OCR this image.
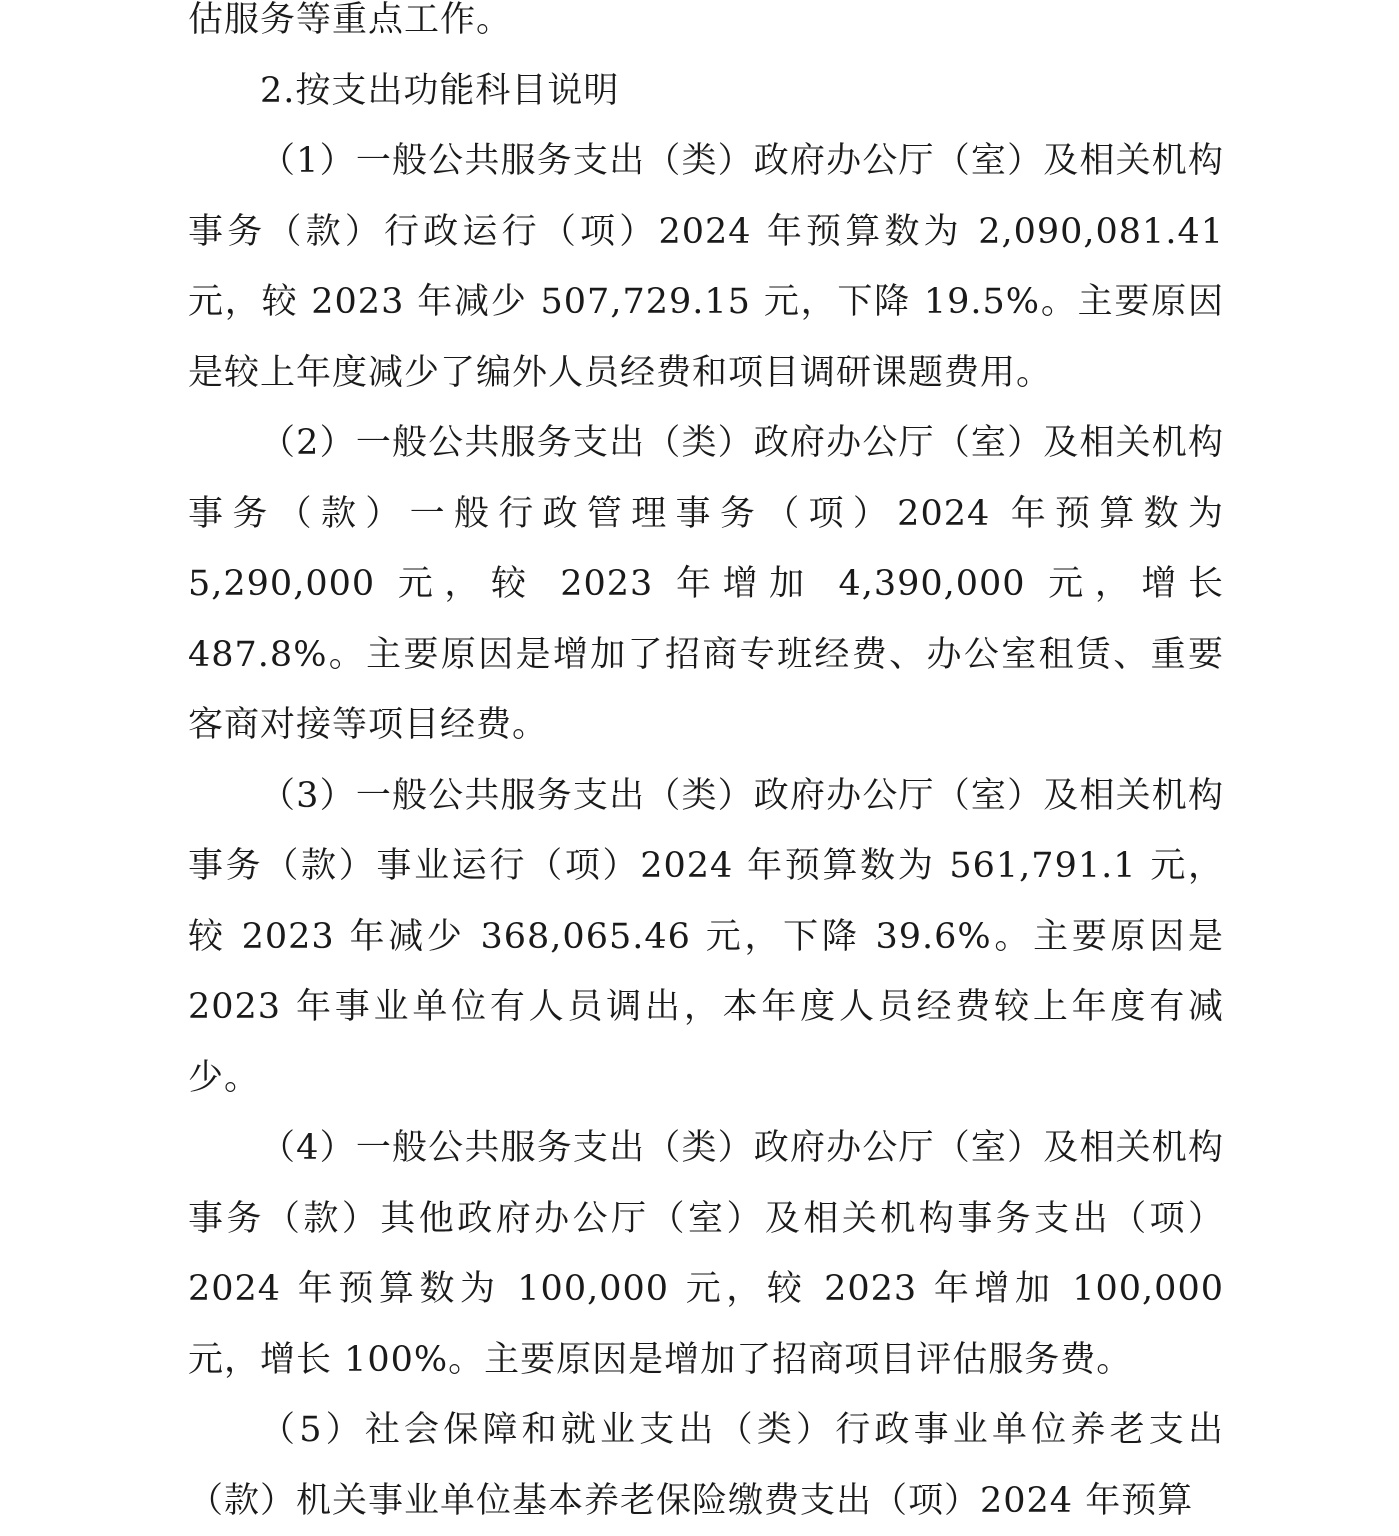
估服务等重点工作。

2.按支出功能科目说明

（1）一般公共服务支出（类）政府办公厅（室）及相关机构事务（款）行政运行（项）2024 年预算数为 2,090,081.41 元，较 2023 年减少 507,729.15 元，下降 19.5%。主要原因是较上年度减少了编外人员经费和项目调研课题费用。

（2）一般公共服务支出（类）政府办公厅（室）及相关机构事务（款）一般行政管理事务（项）2024 年预算数为 5,290,000 元，较 2023 年增加 4,390,000 元，增长 487.8%。主要原因是增加了招商专班经费、办公室租赁、重要客商对接等项目经费。

（3）一般公共服务支出（类）政府办公厅（室）及相关机构事务（款）事业运行（项）2024 年预算数为 561,791.1 元，较 2023 年减少 368,065.46 元，下降 39.6%。主要原因是 2023 年事业单位有人员调出，本年度人员经费较上年度有减少。

（4）一般公共服务支出（类）政府办公厅（室）及相关机构事务（款）其他政府办公厅（室）及相关机构事务支出（项）2024 年预算数为 100,000 元，较 2023 年增加 100,000 元，增长 100%。主要原因是增加了招商项目评估服务费。

（5）社会保障和就业支出（类）行政事业单位养老支出（款）机关事业单位基本养老保险缴费支出（项）2024 年预算
